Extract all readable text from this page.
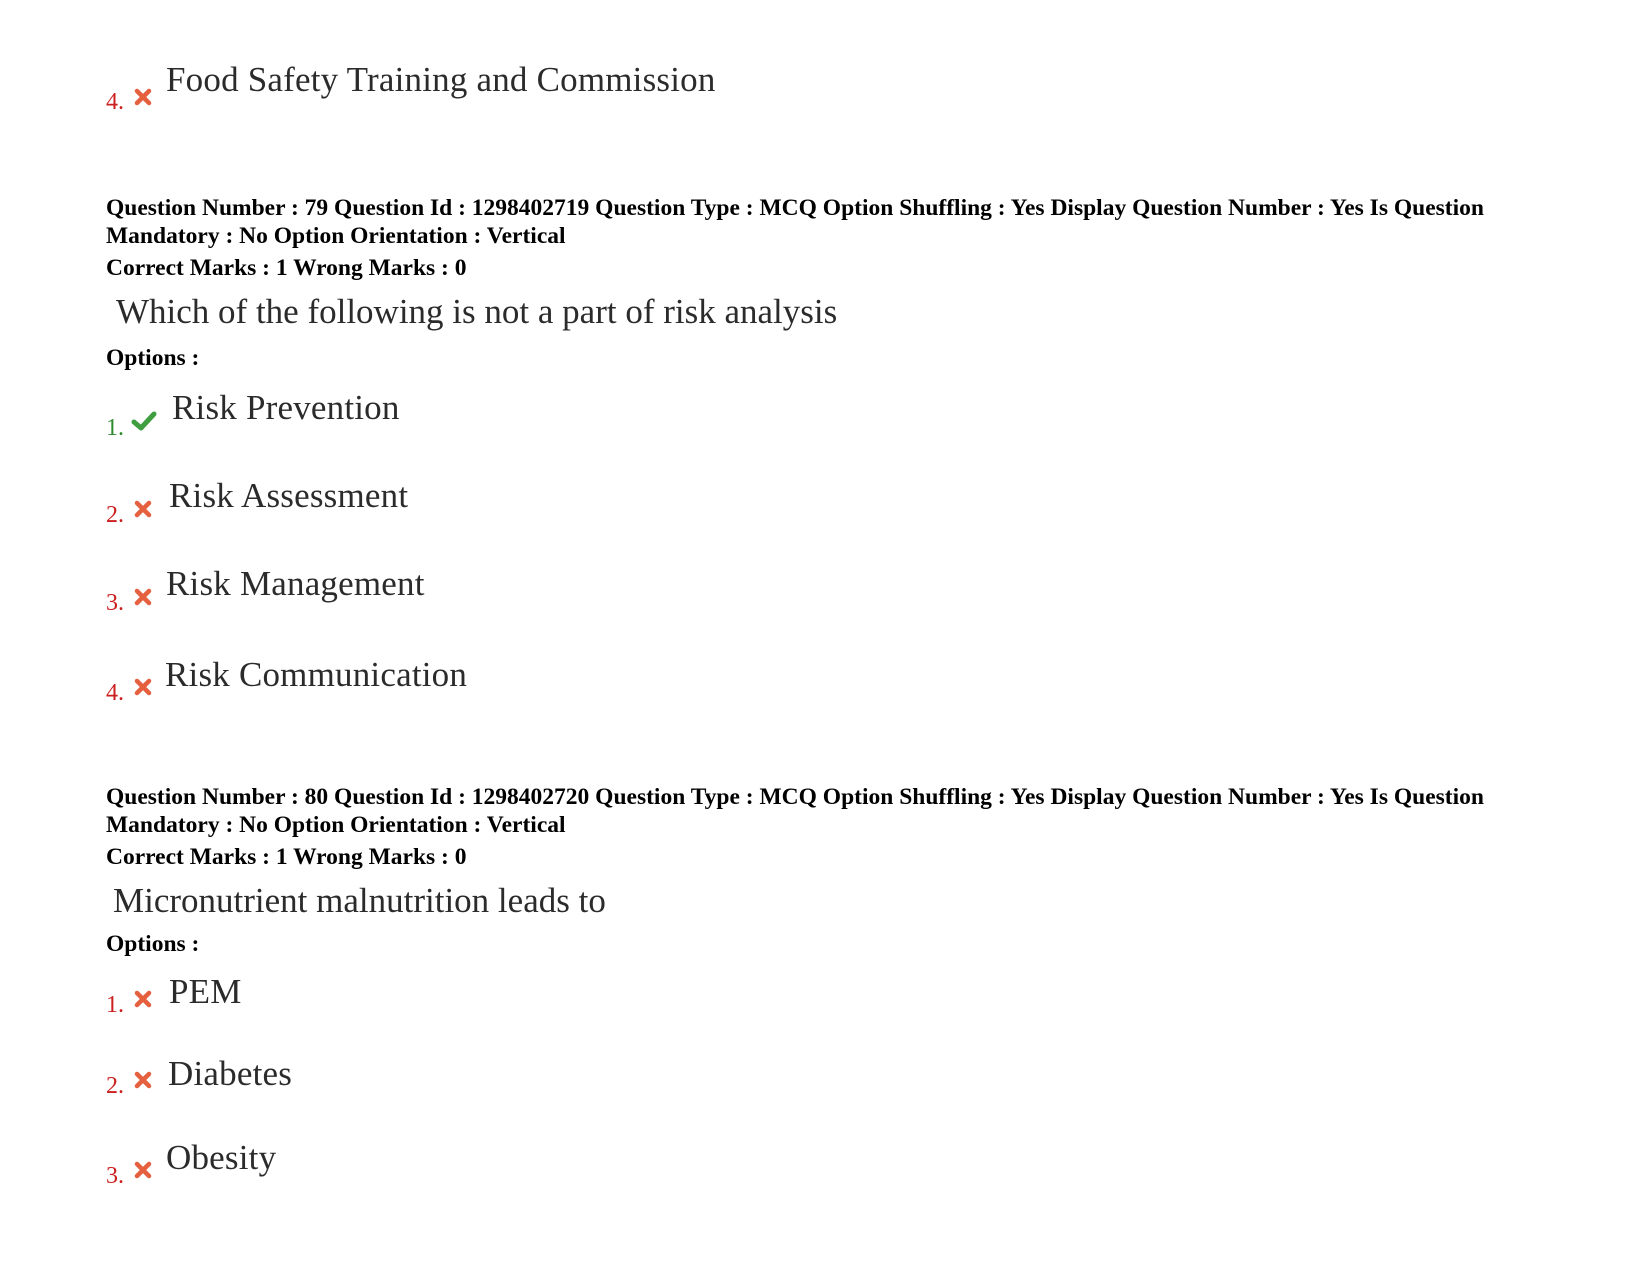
4.
Food Safety Training and Commission
Question Number : 79 Question Id : 1298402719 Question Type : MCQ Option Shuffling : Yes Display Question Number : Yes Is Question Mandatory : No Option Orientation : Vertical
Correct Marks : 1 Wrong Marks : 0
Which of the following is not a part of risk analysis
Options :
1.
Risk Prevention
2. Risk Assessment
3. Risk Management
4. Risk Communication
Question Number : 80 Question Id : 1298402720 Question Type : MCQ Option Shuffling : Yes Display Question Number : Yes Is Question Mandatory : No Option Orientation : Vertical
Correct Marks : 1 Wrong Marks : 0
Micronutrient malnutrition leads to
Options :
1. PEM
2. Diabetes
3. Obesity
